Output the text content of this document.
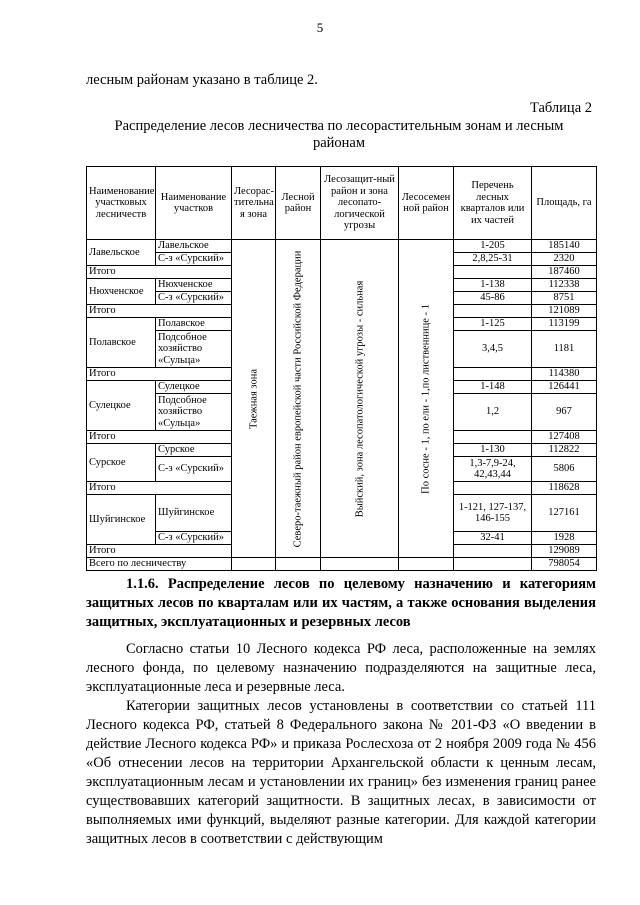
5
лесным районам указано в таблице 2.
Таблица 2
Распределение лесов лесничества по лесорастительным зонам и лесным районам
Наименование участковых лесничеств	Наименование участков	Лесорас-тительна я зона	Лесной район	Лесозащит-ный район и зона лесопато-логической угрозы	Лесосемен ной район	Перечень лесных кварталов или их частей	Площадь, га
Лавельское	Лавельское	Таежная зона	Северо-таежный район европейской части Российской Федерации	Выйский, зона лесопатологической угрозы - сильная	По сосне - 1, по ели - 1,по лиственнице - 1	1-205	185140
	С-з «Сурский»					2,8,25-31	2320
Итого							187460
Нюхченское	Нюхченское					1-138	112338
	С-з «Сурский»					45-86	8751
Итого							121089
Полавское	Полавское					1-125	113199
	Подсобное хозяйство «Сульца»					3,4,5	1181
Итого							114380
Сулецкое	Сулецкое					1-148	126441
	Подсобное хозяйство «Сульца»					1,2	967
Итого							127408
Сурское	Сурское					1-130	112822
	С-з «Сурский»					1,3-7,9-24, 42,43,44	5806
Итого							118628
Шуйгинское	Шуйгинское					1-121, 127-137, 146-155	127161
	С-з «Сурский»					32-41	1928
Итого							129089
Всего по лесничеству							798054
1.1.6. Распределение лесов по целевому назначению и категориям защитных лесов по кварталам или их частям, а также основания выделения защитных, эксплуатационных и резервных лесов

Согласно статьи 10 Лесного кодекса РФ леса, расположенные на землях лесного фонда, по целевому назначению подразделяются на защитные леса, эксплуатационные леса и резервные леса.

Категории защитных лесов установлены в соответствии со статьей 111 Лесного кодекса РФ, статьей 8 Федерального закона № 201-ФЗ «О введении в действие Лесного кодекса РФ» и приказа Рослесхоза от 2 ноября 2009 года № 456 «Об отнесении лесов на территории Архангельской области к ценным лесам, эксплуатационным лесам и установлении их границ» без изменения границ ранее существовавших категорий защитности. В защитных лесах, в зависимости от выполняемых ими функций, выделяют разные категории. Для каждой категории защитных лесов в соответствии с действующим
